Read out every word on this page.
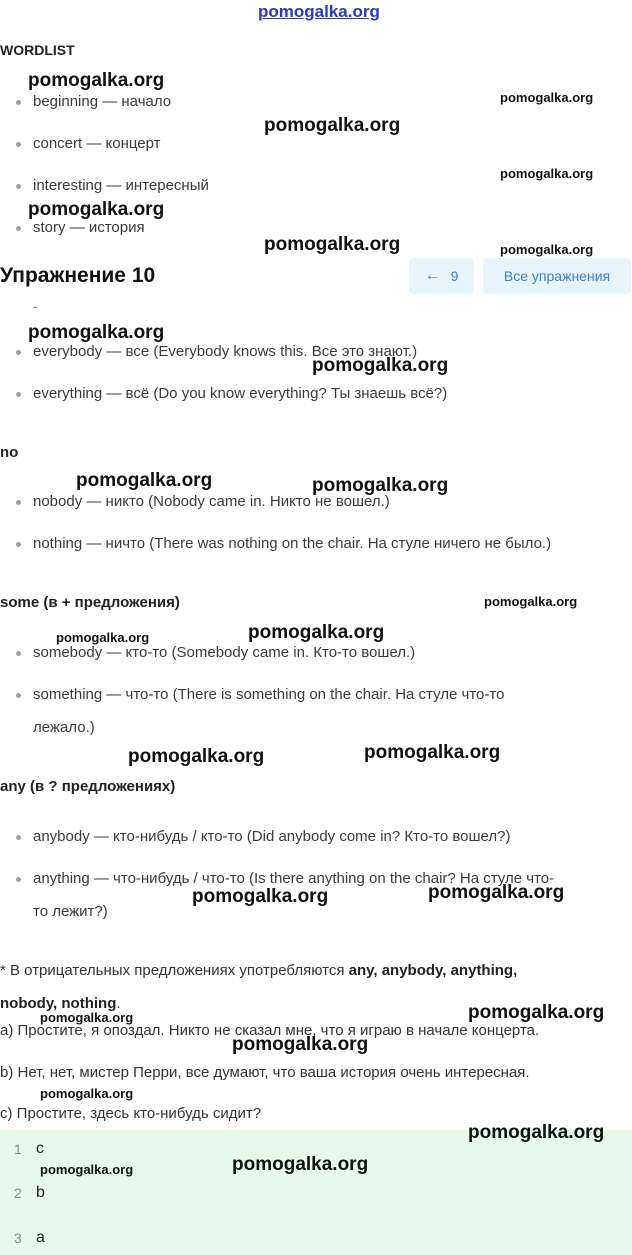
pomogalka.org
WORDLIST
beginning — начало
concert — концерт
interesting — интересный
story — история
Упражнение 10	← 9	Все упражнения
-
everybody — все (Everybody knows this. Все это знают.)
everything — всё (Do you know everything? Ты знаешь всё?)
no
nobody — никто (Nobody came in. Никто не вошел.)
nothing — ничто (There was nothing on the chair. На стуле ничего не было.)
some (в + предложения)
somebody — кто-то (Somebody came in. Кто-то вошел.)
something — что-то (There is something on the chair. На стуле что-то
лежало.)
any (в ? предложениях)
anybody — кто-нибудь / кто-то (Did anybody come in? Кто-то вошел?)
anything — что-нибудь / что-то (Is there anything on the chair? На стуле что-
то лежит?)
* В отрицательных предложениях употребляются any, anybody, anything,
nobody, nothing.
a) Простите, я опоздал. Никто не сказал мне, что я играю в начале концерта.
b) Нет, нет, мистер Перри, все думают, что ваша история очень интересная.
c) Простите, здесь кто-нибудь сидит?
1 c
2 b
3 a
pomogalka.org
pomogalka.org
pomogalka.org
pomogalka.org
pomogalka.org
pomogalka.org	pomogalka.org
pomogalka.org
pomogalka.org
pomogalka.org	pomogalka.org
pomogalka.org
pomogalka.org	pomogalka.org
pomogalka.org	pomogalka.org
pomogalka.org	pomogalka.org
pomogalka.org
pomogalka.org
pomogalka.org
pomogalka.org
pomogalka.org
pomogalka.org	pomogalka.org
